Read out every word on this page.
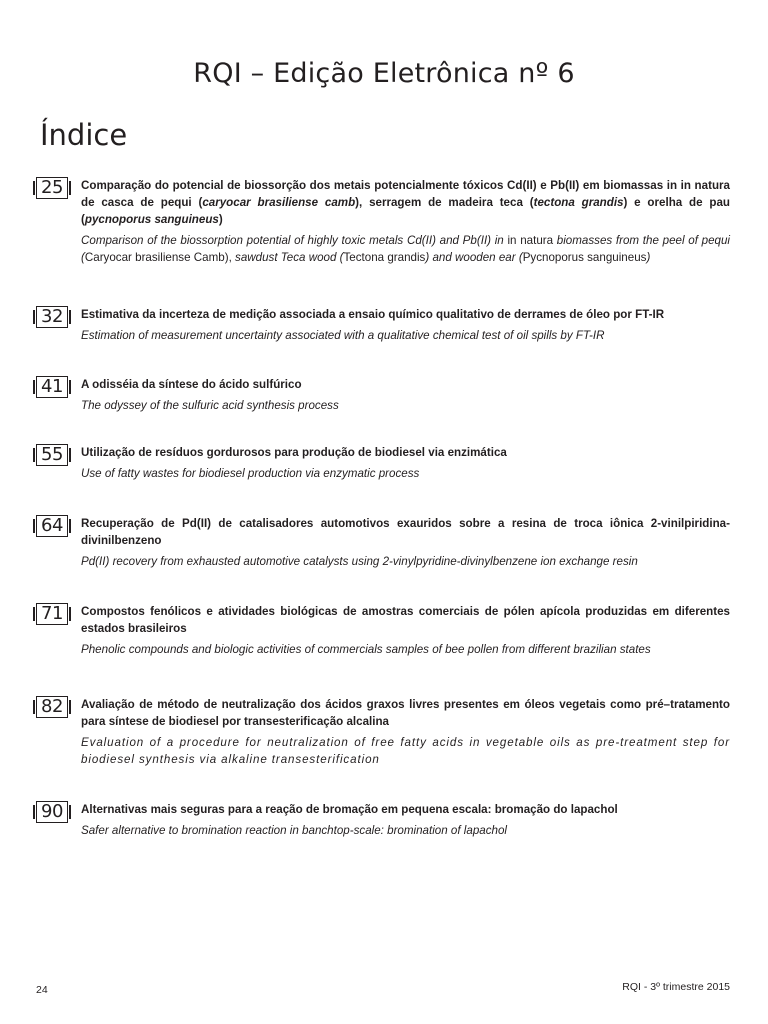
RQI – Edição Eletrônica nº 6
Índice
25	Comparação do potencial de biossorção dos metais potencialmente tóxicos Cd(II) e Pb(II) em biomassas in in natura de casca de pequi (caryocar brasiliense camb), serragem de madeira teca (tectona grandis) e orelha de pau (pycnoporus sanguineus)

Comparison of the biossorption potential of highly toxic metals Cd(II) and Pb(II) in in natura biomasses from the peel of pequi (Caryocar brasiliense Camb), sawdust Teca wood (Tectona grandis) and wooden ear (Pycnoporus sanguineus)

32	Estimativa da incerteza de medição associada a ensaio químico qualitativo de derrames de óleo por FT-IR

Estimation of measurement uncertainty associated with a qualitative chemical test of oil spills by FT-IR

41	A odisséia da síntese do ácido sulfúrico

The odyssey of the sulfuric acid synthesis process

55	Utilização de resíduos gordurosos para produção de biodiesel via enzimática

Use of fatty wastes for biodiesel production via enzymatic process

64	Recuperação de Pd(II) de catalisadores automotivos exauridos sobre a resina de troca iônica 2-vinilpiridina-divinilbenzeno

Pd(II) recovery from exhausted automotive catalysts using 2-vinylpyridine-divinylbenzene ion exchange resin

71	Compostos fenólicos e atividades biológicas de amostras comerciais de pólen apícola produzidas em diferentes estados brasileiros

Phenolic compounds and biologic activities of commercials samples of bee pollen from different brazilian states

82	Avaliação de método de neutralização dos ácidos graxos livres presentes em óleos vegetais como pré–tratamento para síntese de biodiesel por transesterificação alcalina

Evaluation of a procedure for neutralization of free fatty acids in vegetable oils as pre-treatment step for biodiesel synthesis via alkaline transesterification

90	Alternativas mais seguras para a reação de bromação em pequena escala: bromação do lapachol

Safer alternative to bromination reaction in banchtop-scale: bromination of lapachol

24	RQI - 3º trimestre 2015
